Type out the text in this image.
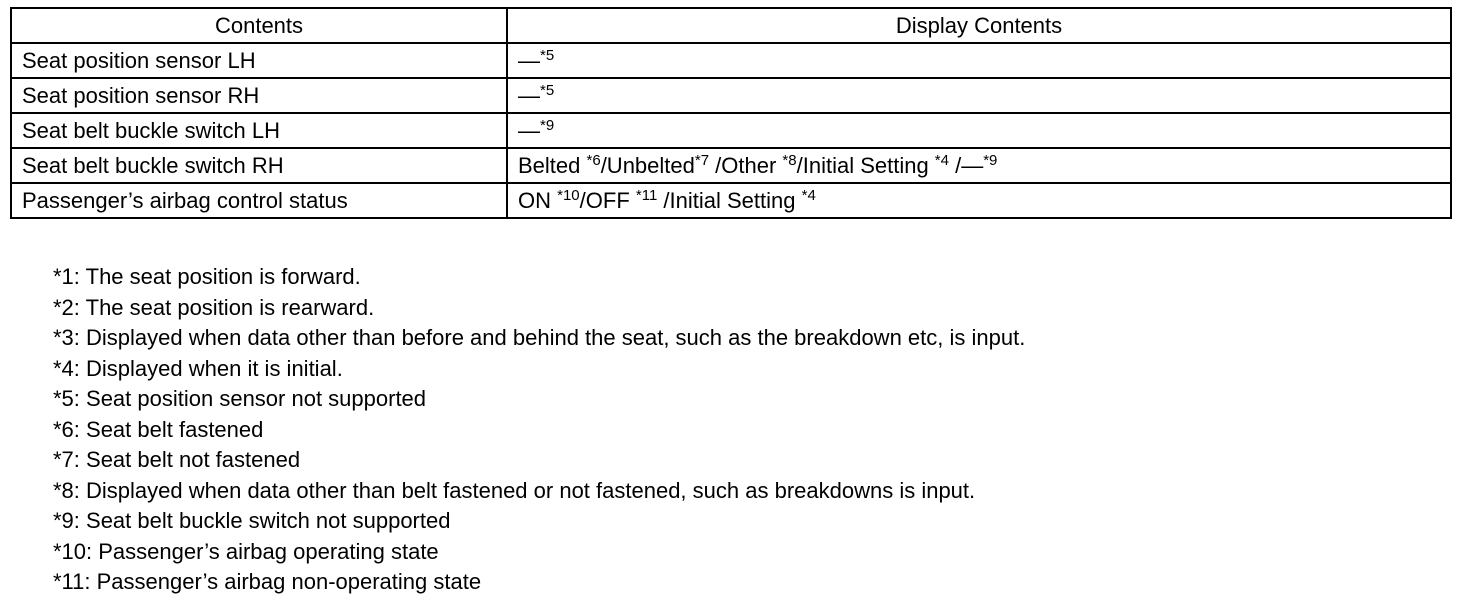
Contents	Display Contents
Seat position sensor LH	—$^{*5}$
Seat position sensor RH	—$^{*5}$
Seat belt buckle switch LH	—$^{*9}$
Seat belt buckle switch RH	Belted $^{*6}$/Unbelted$^{*7}$ /Other $^{*8}$/Initial Setting $^{*4}$ /—$^{*9}$
Passenger’s airbag control status	ON $^{*10}$/OFF $^{*11}$ /Initial Setting $^{*4}$
*1: The seat position is forward.
*2: The seat position is rearward.
*3: Displayed when data other than before and behind the seat, such as the breakdown etc, is input.
*4: Displayed when it is initial.
*5: Seat position sensor not supported
*6: Seat belt fastened
*7: Seat belt not fastened
*8: Displayed when data other than belt fastened or not fastened, such as breakdowns is input.
*9: Seat belt buckle switch not supported
*10: Passenger’s airbag operating state
*11: Passenger’s airbag non-operating state
